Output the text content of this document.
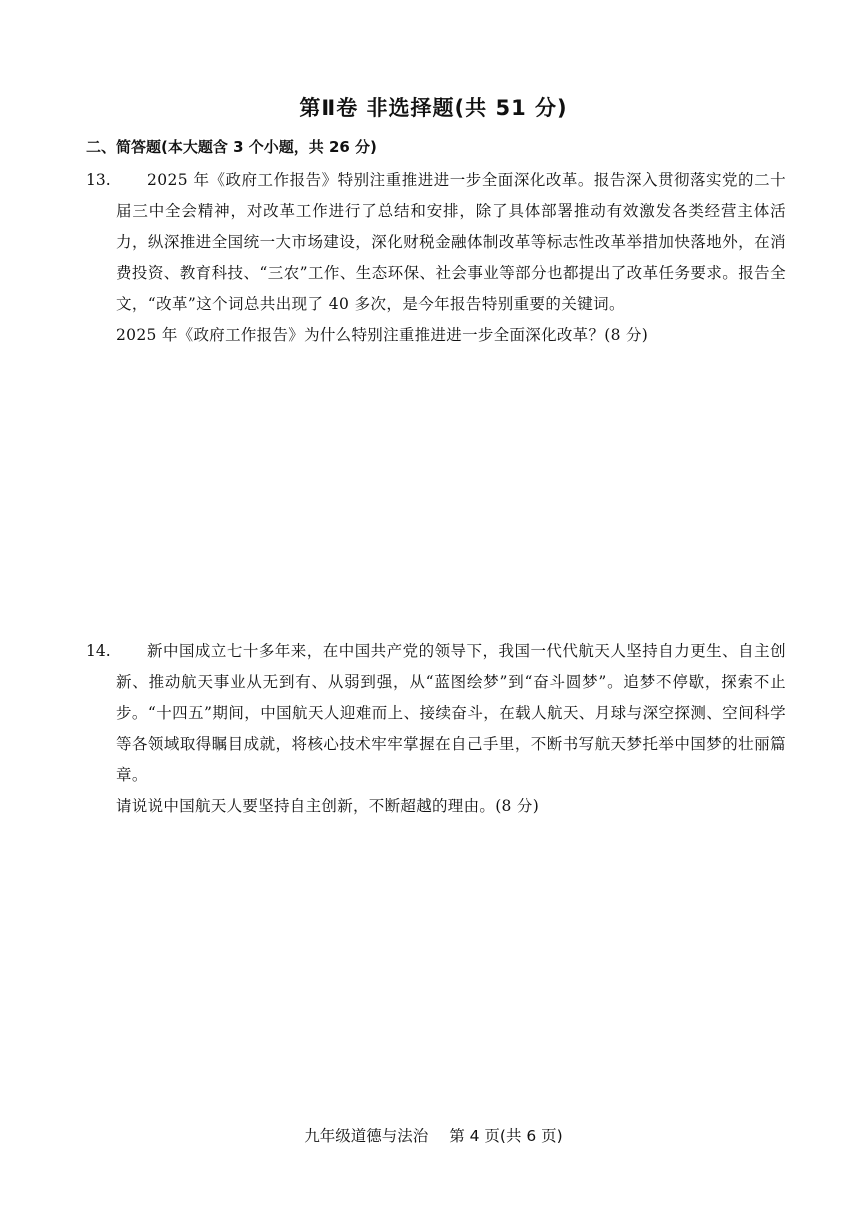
第Ⅱ卷 非选择题(共 51 分)
二、简答题(本大题含 3 个小题，共 26 分)
13.	2025 年《政府工作报告》特别注重推进进一步全面深化改革。报告深入贯彻落实党的二十届三中全会精神，对改革工作进行了总结和安排，除了具体部署推动有效激发各类经营主体活力，纵深推进全国统一大市场建设，深化财税金融体制改革等标志性改革举措加快落地外，在消费投资、教育科技、“三农”工作、生态环保、社会事业等部分也都提出了改革任务要求。报告全文，“改革”这个词总共出现了 40 多次，是今年报告特别重要的关键词。
2025 年《政府工作报告》为什么特别注重推进进一步全面深化改革？(8 分)
14.	新中国成立七十多年来，在中国共产党的领导下，我国一代代航天人坚持自力更生、自主创新、推动航天事业从无到有、从弱到强，从“蓝图绘梦”到“奋斗圆梦”。追梦不停歇，探索不止步。“十四五”期间，中国航天人迎难而上、接续奋斗，在载人航天、月球与深空探测、空间科学等各领域取得瞩目成就，将核心技术牢牢掌握在自己手里，不断书写航天梦托举中国梦的壮丽篇章。
请说说中国航天人要坚持自主创新，不断超越的理由。(8 分)
九年级道德与法治 第 4 页(共 6 页)
